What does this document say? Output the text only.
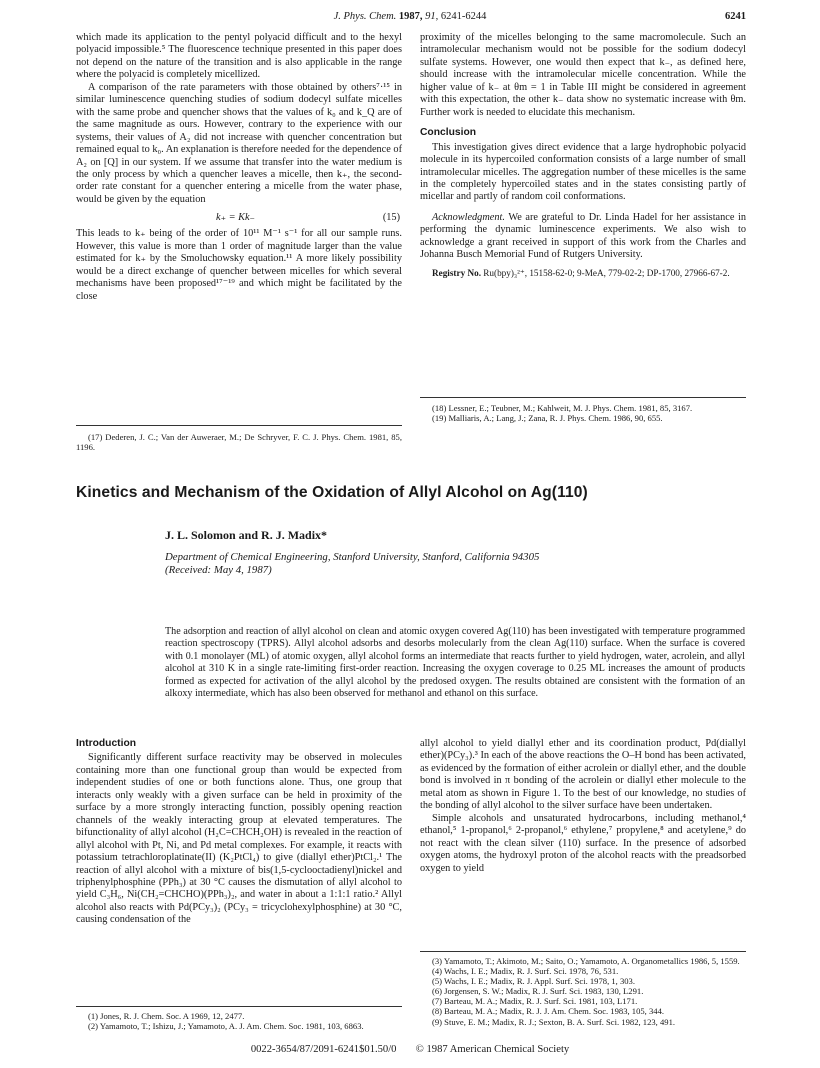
J. Phys. Chem. 1987, 91, 6241-6244	6241

which made its application to the pentyl polyacid difficult and to the hexyl polyacid impossible.⁵ The fluorescence technique presented in this paper does not depend on the nature of the transition and is also applicable in the range where the polyacid is completely micellized.

A comparison of the rate parameters with those obtained by others⁷·¹⁵ in similar luminescence quenching studies of sodium dodecyl sulfate micelles with the same probe and quencher shows that the values of k₀ and k_Q are of the same magnitude as ours. However, contrary to the experience with our systems, their values of A₂ did not increase with quencher concentration but remained equal to k₀. An explanation is therefore needed for the dependence of A₂ on [Q] in our system. If we assume that transfer into the water medium is the only process by which a quencher leaves a micelle, then k₊, the second-order rate constant for a quencher entering a micelle from the water phase, would be given by the equation

k₊ = Kk₋	(15)

This leads to k₊ being of the order of 10¹¹ M⁻¹ s⁻¹ for all our sample runs. However, this value is more than 1 order of magnitude larger than the value estimated for k₊ by the Smoluchowsky equation.¹¹ A more likely possibility would be a direct exchange of quencher between micelles for which several mechanisms have been proposed¹⁷⁻¹⁹ and which might be facilitated by the close

(17) Dederen, J. C.; Van der Auweraer, M.; De Schryver, F. C. J. Phys. Chem. 1981, 85, 1196.

proximity of the micelles belonging to the same macromolecule. Such an intramolecular mechanism would not be possible for the sodium dodecyl sulfate systems. However, one would then expect that k₋, as defined here, should increase with the intramolecular micelle concentration. While the higher value of k₋ at θm = 1 in Table III might be considered in agreement with this expectation, the other k₋ data show no systematic increase with θm. Further work is needed to elucidate this mechanism.

Conclusion

This investigation gives direct evidence that a large hydrophobic polyacid molecule in its hypercoiled conformation consists of a large number of small intramolecular micelles. The aggregation number of these micelles is the same in the completely hypercoiled states and in the states consisting partly of micellar and partly of random coil conformations.

Acknowledgment. We are grateful to Dr. Linda Hadel for her assistance in performing the dynamic luminescence experiments. We also wish to acknowledge a grant received in support of this work from the Charles and Johanna Busch Memorial Fund of Rutgers University.

Registry No. Ru(bpy)₃²⁺, 15158-62-0; 9-MeA, 779-02-2; DP-1700, 27966-67-2.

(18) Lessner, E.; Teubner, M.; Kahlweit, M. J. Phys. Chem. 1981, 85, 3167.

(19) Malliaris, A.; Lang, J.; Zana, R. J. Phys. Chem. 1986, 90, 655.

Kinetics and Mechanism of the Oxidation of Allyl Alcohol on Ag(110)
J. L. Solomon and R. J. Madix*
Department of Chemical Engineering, Stanford University, Stanford, California 94305
(Received: May 4, 1987)
The adsorption and reaction of allyl alcohol on clean and atomic oxygen covered Ag(110) has been investigated with temperature programmed reaction spectroscopy (TPRS). Allyl alcohol adsorbs and desorbs molecularly from the clean Ag(110) surface. When the surface is covered with 0.1 monolayer (ML) of atomic oxygen, allyl alcohol forms an intermediate that reacts further to yield hydrogen, water, acrolein, and allyl alcohol at 310 K in a single rate-limiting first-order reaction. Increasing the oxygen coverage to 0.25 ML increases the amount of products formed as expected for activation of the allyl alcohol by the predosed oxygen. The results obtained are consistent with the formation of an alkoxy intermediate, which has also been observed for methanol and ethanol on this surface.
Introduction

Significantly different surface reactivity may be observed in molecules containing more than one functional group than would be expected from independent studies of one or both functions alone. Thus, one group that interacts only weakly with a given surface can be held in proximity of the surface by a more strongly interacting function, possibly opening reaction channels of the weakly interacting group at elevated temperatures. The bifunctionality of allyl alcohol (H₂C=CHCH₂OH) is revealed in the reaction of allyl alcohol with Pt, Ni, and Pd metal complexes. For example, it reacts with potassium tetrachloroplatinate(II) (K₂PtCl₄) to give (diallyl ether)PtCl₂.¹ The reaction of allyl alcohol with a mixture of bis(1,5-cyclooctadienyl)nickel and triphenylphosphine (PPh₃) at 30 °C causes the dismutation of allyl alcohol to yield C₃H₆, Ni(CH₂=CHCHO)(PPh₃)₂, and water in about a 1:1:1 ratio.² Allyl alcohol also reacts with Pd(PCy₃)₂ (PCy₃ = tricyclohexylphosphine) at 30 °C, causing condensation of the

(1) Jones, R. J. Chem. Soc. A 1969, 12, 2477.

(2) Yamamoto, T.; Ishizu, J.; Yamamoto, A. J. Am. Chem. Soc. 1981, 103, 6863.

allyl alcohol to yield diallyl ether and its coordination product, Pd(diallyl ether)(PCy₃).³ In each of the above reactions the O–H bond has been activated, as evidenced by the formation of either acrolein or diallyl ether, and the double bond is involved in π bonding of the acrolein or diallyl ether molecule to the metal atom as shown in Figure 1. To the best of our knowledge, no studies of the bonding of allyl alcohol to the silver surface have been undertaken.

Simple alcohols and unsaturated hydrocarbons, including methanol,⁴ ethanol,⁵ 1-propanol,⁶ 2-propanol,⁶ ethylene,⁷ propylene,⁸ and acetylene,⁹ do not react with the clean silver (110) surface. In the presence of adsorbed oxygen atoms, the hydroxyl proton of the alcohol reacts with the preadsorbed oxygen to yield

(3) Yamamoto, T.; Akimoto, M.; Saito, O.; Yamamoto, A. Organometallics 1986, 5, 1559.

(4) Wachs, I. E.; Madix, R. J. Surf. Sci. 1978, 76, 531.

(5) Wachs, I. E.; Madix, R. J. Appl. Surf. Sci. 1978, 1, 303.

(6) Jorgensen, S. W.; Madix, R. J. Surf. Sci. 1983, 130, L291.

(7) Barteau, M. A.; Madix, R. J. Surf. Sci. 1981, 103, L171.

(8) Barteau, M. A.; Madix, R. J. J. Am. Chem. Soc. 1983, 105, 344.

(9) Stuve, E. M.; Madix, R. J.; Sexton, B. A. Surf. Sci. 1982, 123, 491.

0022-3654/87/2091-6241$01.50/0 © 1987 American Chemical Society
